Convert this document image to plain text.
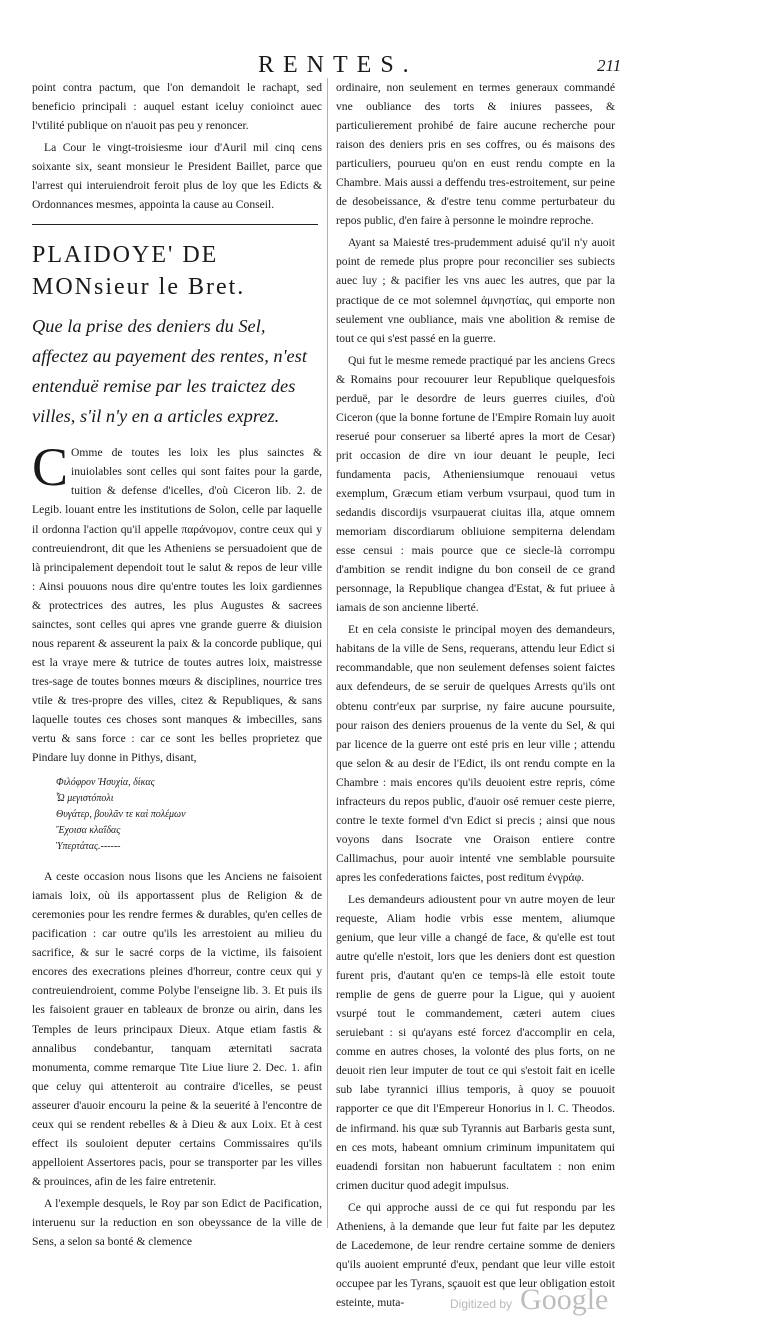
RENTES.	211

point contra pactum, que l'on demandoit le rachapt, sed beneficio principali : auquel estant iceluy conioinct auec l'vtilité publique on n'auoit pas peu y renoncer.

La Cour le vingt-troisiesme iour d'Auril mil cinq cens soixante six, seant monsieur le President Baillet, parce que l'arrest qui interuiendroit feroit plus de loy que les Edicts & Ordonnances mesmes, appointa la cause au Conseil.

PLAIDOYE' DE MONsieur le Bret.
Que la prise des deniers du Sel, affectez au payement des rentes, n'est entenduë remise par les traictez des villes, s'il n'y en a articles exprez.

COmme de toutes les loix les plus sainctes & inuiolables sont celles qui sont faites pour la garde, tuition & defense d'icelles, d'où Ciceron lib. 2. de Legib. louant entre les institutions de Solon, celle par laquelle il ordonna l'action qu'il appelle παράνομον, contre ceux qui y contreuiendront, dit que les Atheniens se persuadoient que de là principalement dependoit tout le salut & repos de leur ville : Ainsi pouuons nous dire qu'entre toutes les loix gardiennes & protectrices des autres, les plus Augustes & sacrees sainctes, sont celles qui apres vne grande guerre & diuision nous reparent & asseurent la paix & la concorde publique, qui est la vraye mere & tutrice de toutes autres loix, maistresse tres-sage de toutes bonnes mœurs & disciplines, nourrice tres vtile & tres-propre des villes, citez & Republiques, & sans laquelle toutes ces choses sont manques & imbecilles, sans vertu & sans force : car ce sont les belles proprietez que Pindare luy donne in Pithys, disant,

Φιλόφρον Ἡσυχία, δίκας
Ὦ μεγιστόπολι
Θυγάτερ, βουλᾶν τε καὶ πολέμων
Ἔχοισα κλαΐδας
Ὑπερτάτας.------

A ceste occasion nous lisons que les Anciens ne faisoient iamais loix, où ils apportassent plus de Religion & de ceremonies pour les rendre fermes & durables, qu'en celles de pacification : car outre qu'ils les arrestoient au milieu du sacrifice, & sur le sacré corps de la victime, ils faisoient encores des execrations pleines d'horreur, contre ceux qui y contreuiendroient, comme Polybe l'enseigne lib. 3. Et puis ils les faisoient grauer en tableaux de bronze ou airin, dans les Temples de leurs principaux Dieux. Atque etiam fastis & annalibus condebantur, tanquam æternitati sacrata monumenta, comme remarque Tite Liue liure 2. Dec. 1. afin que celuy qui attenteroit au contraire d'icelles, se peust asseurer d'auoir encouru la peine & la seuerité à l'encontre de ceux qui se rendent rebelles & à Dieu & aux Loix. Et à cest effect ils souloient deputer certains Commissaires qu'ils appelloient Assertores pacis, pour se transporter par les villes & prouinces, afin de les faire entretenir.

A l'exemple desquels, le Roy par son Edict de Pacification, interuenu sur la reduction en son obeyssance de la ville de Sens, a selon sa bonté & clemence

ordinaire, non seulement en termes generaux commandé vne oubliance des torts & iniures passees, & particulierement prohibé de faire aucune recherche pour raison des deniers pris en ses coffres, ou és maisons des particuliers, pourueu qu'on en eust rendu compte en la Chambre. Mais aussi a deffendu tres-estroitement, sur peine de desobeissance, & d'estre tenu comme perturbateur du repos public, d'en faire à personne le moindre reproche.

Ayant sa Maiesté tres-prudemment aduisé qu'il n'y auoit point de remede plus propre pour reconcilier ses subiects auec luy ; & pacifier les vns auec les autres, que par la practique de ce mot solemnel ἀμνηστίας, qui emporte non seulement vne oubliance, mais vne abolition & remise de tout ce qui s'est passé en la guerre.

Qui fut le mesme remede practiqué par les anciens Grecs & Romains pour recouurer leur Republique quelquesfois perduë, par le desordre de leurs guerres ciuiles, d'où Ciceron (que la bonne fortune de l'Empire Romain luy auoit reserué pour conseruer sa liberté apres la mort de Cesar) prit occasion de dire vn iour deuant le peuple, Ieci fundamenta pacis, Atheniensiumque renouaui vetus exemplum, Græcum etiam verbum vsurpaui, quod tum in sedandis discordijs vsurpauerat ciuitas illa, atque omnem memoriam discordiarum obliuione sempiterna delendam esse censui : mais pource que ce siecle-là corrompu d'ambition se rendit indigne du bon conseil de ce grand personnage, la Republique changea d'Estat, & fut priuee à iamais de son ancienne liberté.

Et en cela consiste le principal moyen des demandeurs, habitans de la ville de Sens, requerans, attendu leur Edict si recommandable, que non seulement defenses soient faictes aux defendeurs, de se seruir de quelques Arrests qu'ils ont obtenu contr'eux par surprise, ny faire aucune poursuite, pour raison des deniers prouenus de la vente du Sel, & qui par licence de la guerre ont esté pris en leur ville ; attendu que selon & au desir de l'Edict, ils ont rendu compte en la Chambre : mais encores qu'ils deuoient estre repris, cóme infracteurs du repos public, d'auoir osé remuer ceste pierre, contre le texte formel d'vn Edict si precis ; ainsi que nous voyons dans Isocrate vne Oraison entiere contre Callimachus, pour auoir intenté vne semblable poursuite apres les confederations faictes, post reditum ἐνγράφ.

Les demandeurs adioustent pour vn autre moyen de leur requeste, Aliam hodie vrbis esse mentem, aliumque genium, que leur ville a changé de face, & qu'elle est tout autre qu'elle n'estoit, lors que les deniers dont est question furent pris, d'autant qu'en ce temps-là elle estoit toute remplie de gens de guerre pour la Ligue, qui y auoient vsurpé tout le commandement, cæteri autem ciues seruiebant : si qu'ayans esté forcez d'accomplir en cela, comme en autres choses, la volonté des plus forts, on ne deuoit rien leur imputer de tout ce qui s'estoit fait en icelle sub labe tyrannici illius temporis, à quoy se pouuoit rapporter ce que dit l'Empereur Honorius in l. C. Theodos. de infirmand. his quæ sub Tyrannis aut Barbaris gesta sunt, en ces mots, habeant omnium criminum impunitatem qui euadendi forsitan non habuerunt facultatem : non enim crimen ducitur quod adegit impulsus.

Ce qui approche aussi de ce qui fut respondu par les Atheniens, à la demande que leur fut faite par les deputez de Lacedemone, de leur rendre certaine somme de deniers qu'ils auoient emprunté d'eux, pendant que leur ville estoit occupee par les Tyrans, sçauoit est que leur obligation estoit esteinte, muta-	Digitized by Google
